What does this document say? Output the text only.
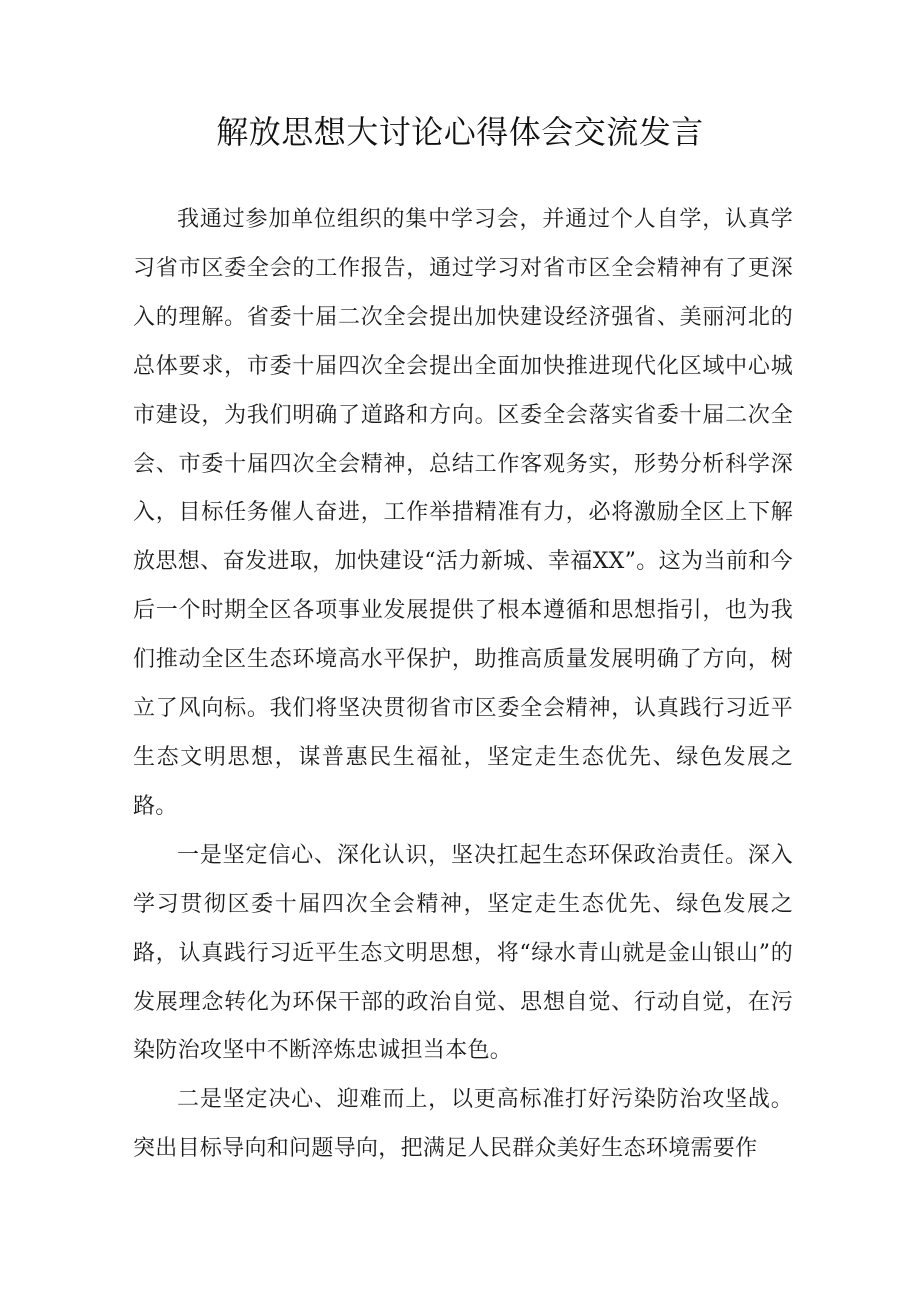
解放思想大讨论心得体会交流发言

我通过参加单位组织的集中学习会，并通过个人自学，认真学习省市区委全会的工作报告，通过学习对省市区全会精神有了更深入的理解。省委十届二次全会提出加快建设经济强省、美丽河北的总体要求，市委十届四次全会提出全面加快推进现代化区域中心城市建设，为我们明确了道路和方向。区委全会落实省委十届二次全会、市委十届四次全会精神，总结工作客观务实，形势分析科学深入，目标任务催人奋进，工作举措精准有力，必将激励全区上下解放思想、奋发进取，加快建设“活力新城、幸福XX”。这为当前和今后一个时期全区各项事业发展提供了根本遵循和思想指引，也为我们推动全区生态环境高水平保护，助推高质量发展明确了方向，树立了风向标。我们将坚决贯彻省市区委全会精神，认真践行习近平生态文明思想，谋普惠民生福祉，坚定走生态优先、绿色发展之路。

一是坚定信心、深化认识，坚决扛起生态环保政治责任。深入学习贯彻区委十届四次全会精神，坚定走生态优先、绿色发展之路，认真践行习近平生态文明思想，将“绿水青山就是金山银山”的发展理念转化为环保干部的政治自觉、思想自觉、行动自觉，在污染防治攻坚中不断淬炼忠诚担当本色。

二是坚定决心、迎难而上，以更高标准打好污染防治攻坚战。突出目标导向和问题导向，把满足人民群众美好生态环境需要作
